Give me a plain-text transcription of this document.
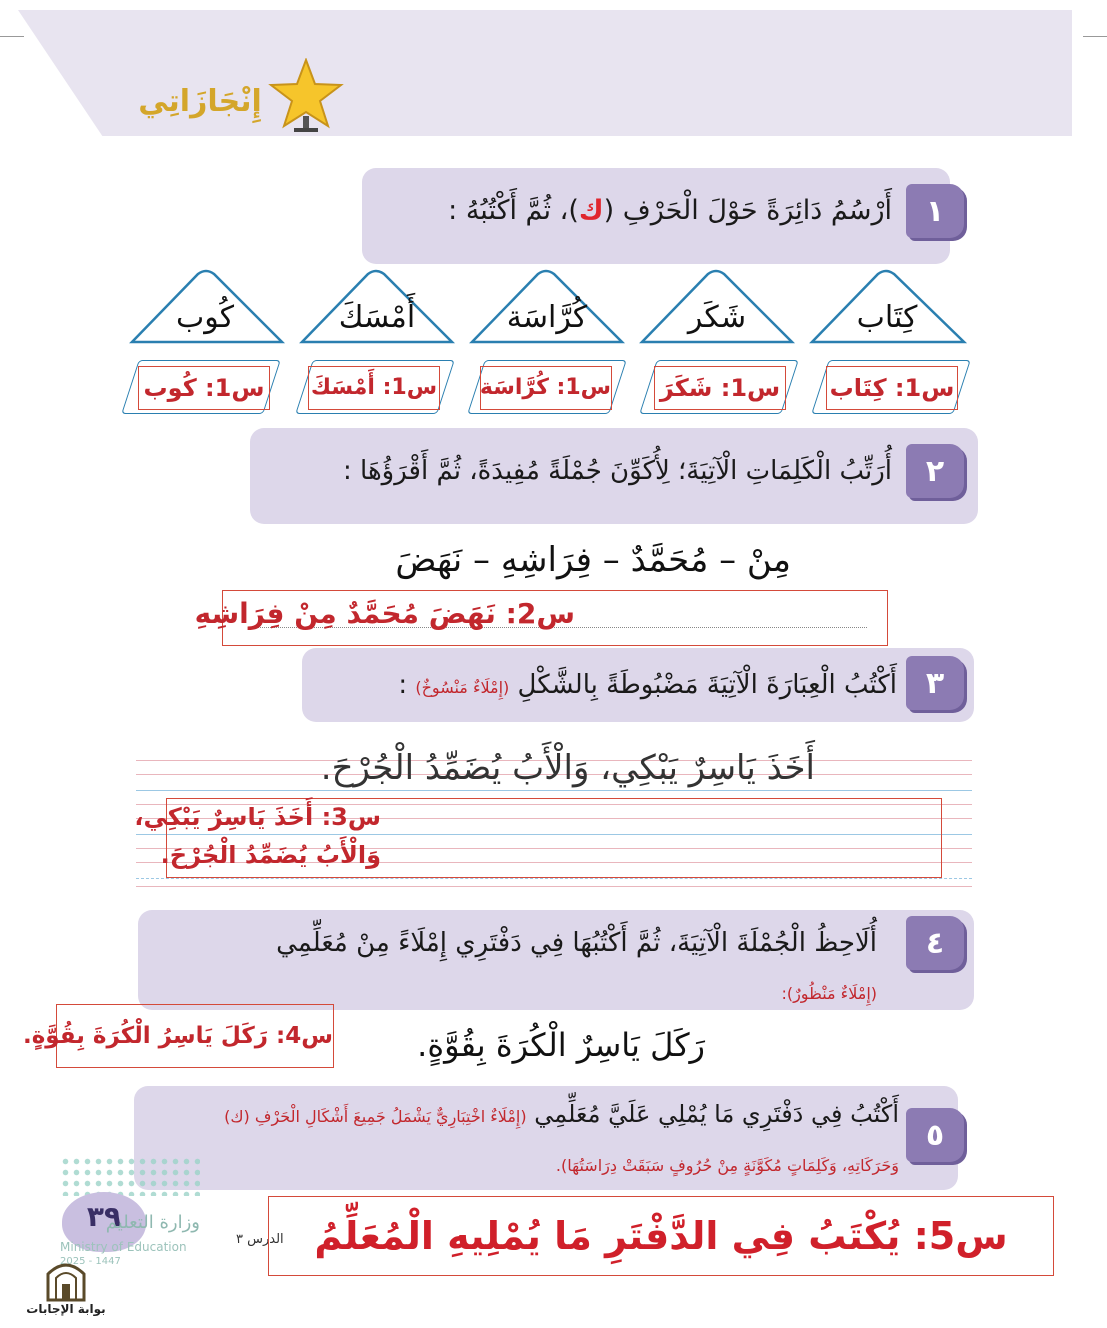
إِنْجَازَاتِي
١
أَرْسُمُ دَائِرَةً حَوْلَ الْحَرْفِ (ك)، ثُمَّ أَكْتُبُهُ :
كِتَاب
شَكَر
كُرَّاسَة
أَمْسَكَ
كُوب
س1: كِتَاب
س1: شَكَرَ
س1: كُرَّاسَة
س1: أَمْسَكَ
س1: كُوب
٢
أُرَتِّبُ الْكَلِمَاتِ الْآتِيَةَ؛ لِأُكَوِّنَ جُمْلَةً مُفِيدَةً، ثُمَّ أَقْرَؤُهَا :
مِنْ – مُحَمَّدٌ – فِرَاشِهِ – نَهَضَ
س2: نَهَضَ مُحَمَّدٌ مِنْ فِرَاشِهِ
٣
أَكْتُبُ الْعِبَارَةَ الْآتِيَةَ مَضْبُوطَةً بِالشَّكْلِ (إِمْلَاءٌ مَنْسُوخٌ) :
أَخَذَ يَاسِرٌ يَبْكِي، وَالْأَبُ يُضَمِّدُ الْجُرْحَ.
س3: أَخَذَ يَاسِرٌ يَبْكِي،
وَالْأَبُ يُضَمِّدُ الْجُرْحَ.
٤
أُلَاحِظُ الْجُمْلَةَ الْآتِيَةَ، ثُمَّ أَكْتُبُهَا فِي دَفْتَرِي إِمْلَاءً مِنْ مُعَلِّمِي
(إِمْلَاءٌ مَنْظُورٌ):
س4: رَكَلَ يَاسِرُ الْكُرَةَ بِقُوَّةٍ.	رَكَلَ يَاسِرٌ الْكُرَةَ بِقُوَّةٍ.
٥
أَكْتُبُ فِي دَفْتَرِي مَا يُمْلِي عَلَيَّ مُعَلِّمِي (إِمْلَاءٌ اخْتِبَارِيٌّ يَشْمَلُ جَمِيعَ أَشْكَالِ الْحَرْفِ (ك)
وَحَرَكَاتِهِ، وَكَلِمَاتٍ مُكَوَّنَةٍ مِنْ حُرُوفٍ سَبَقَتْ دِرَاسَتُهَا).
٣٩
وزارة التعليم
Ministry of Education
2025 - 1447
الدرس ٣ س5: يُكْتَبُ فِي الدَّفْتَرِ مَا يُمْلِيهِ الْمُعَلِّمُ
بوابة الإجابات
